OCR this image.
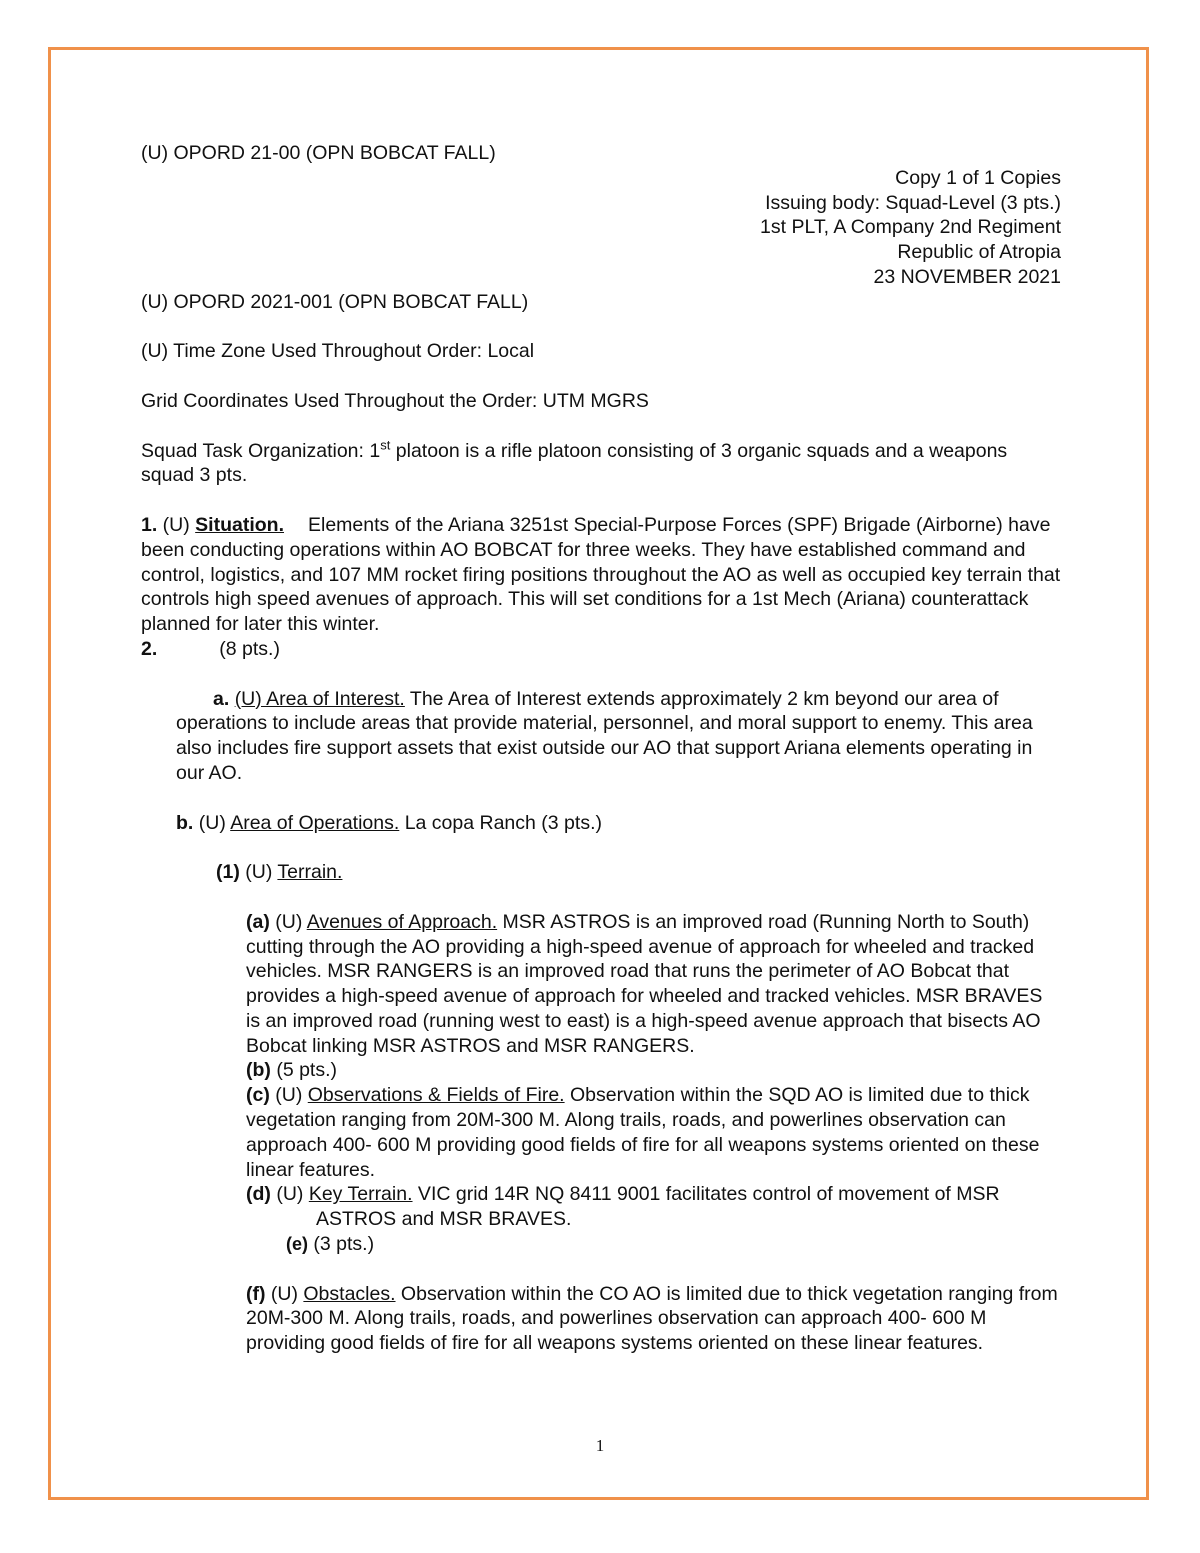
(U) OPORD 21-00 (OPN BOBCAT FALL)

Copy 1 of 1 Copies

Issuing body: Squad-Level (3 pts.)

1st PLT, A Company 2nd Regiment

Republic of Atropia

23 NOVEMBER 2021

(U) OPORD 2021-001 (OPN BOBCAT FALL)

(U) Time Zone Used Throughout Order: Local

Grid Coordinates Used Throughout the Order: UTM MGRS

Squad Task Organization: 1st platoon is a rifle platoon consisting of 3 organic squads and a weapons squad 3 pts.

1. (U) Situation. Elements of the Ariana 3251st Special-Purpose Forces (SPF) Brigade (Airborne) have been conducting operations within AO BOBCAT for three weeks. They have established command and control, logistics, and 107 MM rocket firing positions throughout the AO as well as occupied key terrain that controls high speed avenues of approach. This will set conditions for a 1st Mech (Ariana) counterattack planned for later this winter.

2.	(8 pts.)

a. (U) Area of Interest. The Area of Interest extends approximately 2 km beyond our area of operations to include areas that provide material, personnel, and moral support to enemy. This area also includes fire support assets that exist outside our AO that support Ariana elements operating in our AO.

b. (U) Area of Operations. La copa Ranch (3 pts.)

(1) (U) Terrain.

(a) (U) Avenues of Approach. MSR ASTROS is an improved road (Running North to South) cutting through the AO providing a high-speed avenue of approach for wheeled and tracked vehicles. MSR RANGERS is an improved road that runs the perimeter of AO Bobcat that provides a high-speed avenue of approach for wheeled and tracked vehicles. MSR BRAVES is an improved road (running west to east) is a high-speed avenue approach that bisects AO Bobcat linking MSR ASTROS and MSR RANGERS.

(b) (5 pts.)

(c) (U) Observations & Fields of Fire. Observation within the SQD AO is limited due to thick vegetation ranging from 20M-300 M. Along trails, roads, and powerlines observation can approach 400- 600 M providing good fields of fire for all weapons systems oriented on these linear features.

(d) (U) Key Terrain. VIC grid 14R NQ 8411 9001 facilitates control of movement of MSR ASTROS and MSR BRAVES.

(e) (3 pts.)

(f) (U) Obstacles. Observation within the CO AO is limited due to thick vegetation ranging from 20M-300 M. Along trails, roads, and powerlines observation can approach 400- 600 M providing good fields of fire for all weapons systems oriented on these linear features.

1
